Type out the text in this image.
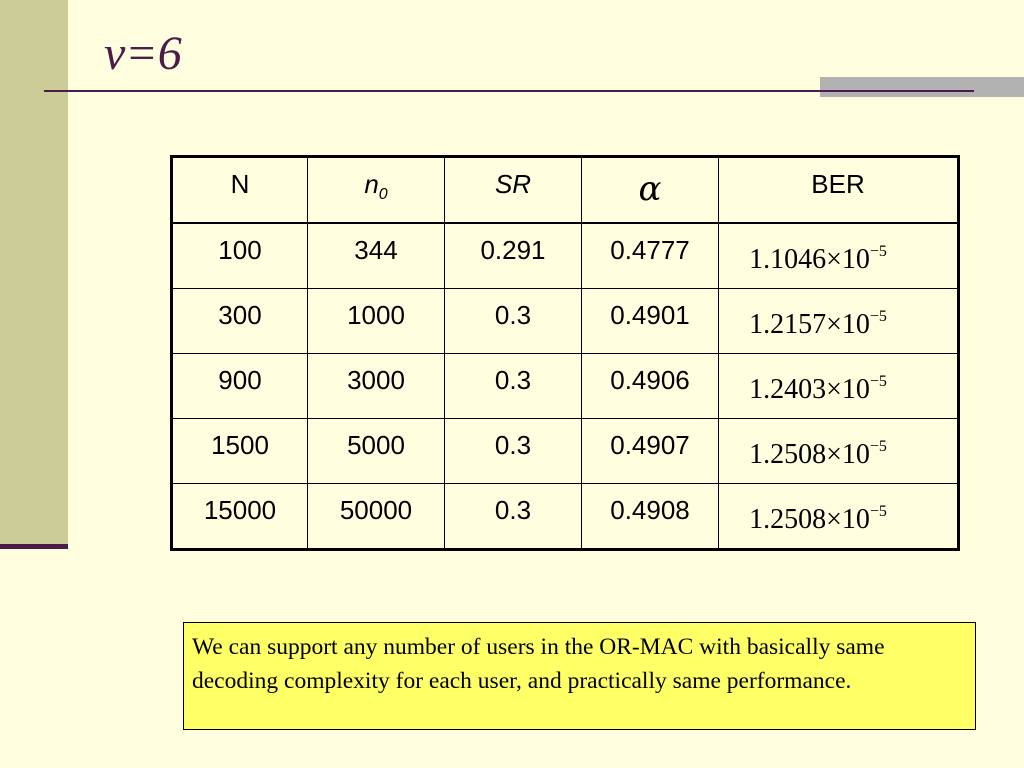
v=6
N	$n_0$	SR	α	BER
100	344	0.291	0.4777	$1.1046\times 10^{-5}$
300	1000	0.3	0.4901	$1.2157\times 10^{-5}$
900	3000	0.3	0.4906	$1.2403\times 10^{-5}$
1500	5000	0.3	0.4907	$1.2508\times 10^{-5}$
15000	50000	0.3	0.4908	$1.2508\times 10^{-5}$
We can support any number of users in the OR-MAC with basically same decoding complexity for each user, and practically same performance.
